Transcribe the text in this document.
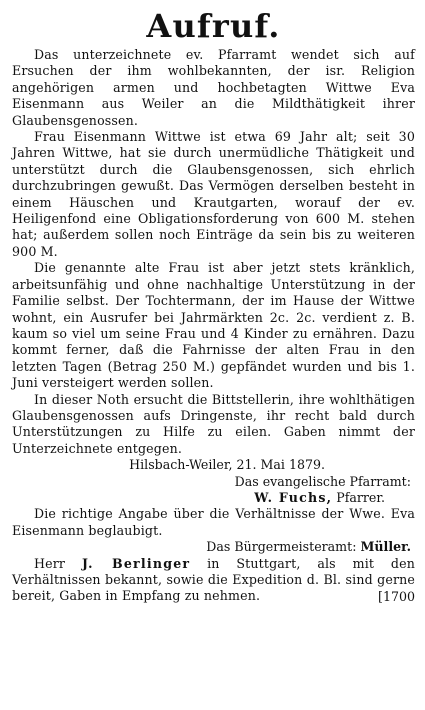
Aufruf.

Das unterzeichnete ev. Pfarramt wendet sich auf Ersuchen der ihm wohlbekannten, der isr. Religion angehörigen armen und hochbetagten Wittwe Eva Eisenmann aus Weiler an die Mildthätigkeit ihrer Glaubensgenossen.

Frau Eisenmann Wittwe ist etwa 69 Jahr alt; seit 30 Jahren Wittwe, hat sie durch unermüdliche Thätigkeit und unterstützt durch die Glaubensgenossen, sich ehrlich durchzubringen gewußt. Das Vermögen derselben besteht in einem Häuschen und Krautgarten, worauf der ev. Heiligenfond eine Obligationsforderung von 600 M. stehen hat; außerdem sollen noch Einträge da sein bis zu weiteren 900 M.

Die genannte alte Frau ist aber jetzt stets kränklich, arbeitsunfähig und ohne nachhaltige Unterstützung in der Familie selbst. Der Tochtermann, der im Hause der Wittwe wohnt, ein Ausrufer bei Jahrmärkten 2c. 2c. verdient z. B. kaum so viel um seine Frau und 4 Kinder zu ernähren. Dazu kommt ferner, daß die Fahrnisse der alten Frau in den letzten Tagen (Betrag 250 M.) gepfändet wurden und bis 1. Juni versteigert werden sollen.

In dieser Noth ersucht die Bittstellerin, ihre wohlthätigen Glaubensgenossen aufs Dringenste, ihr recht bald durch Unterstützungen zu Hilfe zu eilen. Gaben nimmt der Unterzeichnete entgegen.

Hilsbach-Weiler, 21. Mai 1879.

Das evangelische Pfarramt:

W. Fuchs, Pfarrer.

Die richtige Angabe über die Verhältnisse der Wwe. Eva Eisenmann beglaubigt.

Das Bürgermeisteramt: Müller.

Herr J. Berlinger in Stuttgart, als mit den Verhältnissen bekannt, sowie die Expedition d. Bl. sind gerne bereit, Gaben in Empfang zu nehmen.	[1700
